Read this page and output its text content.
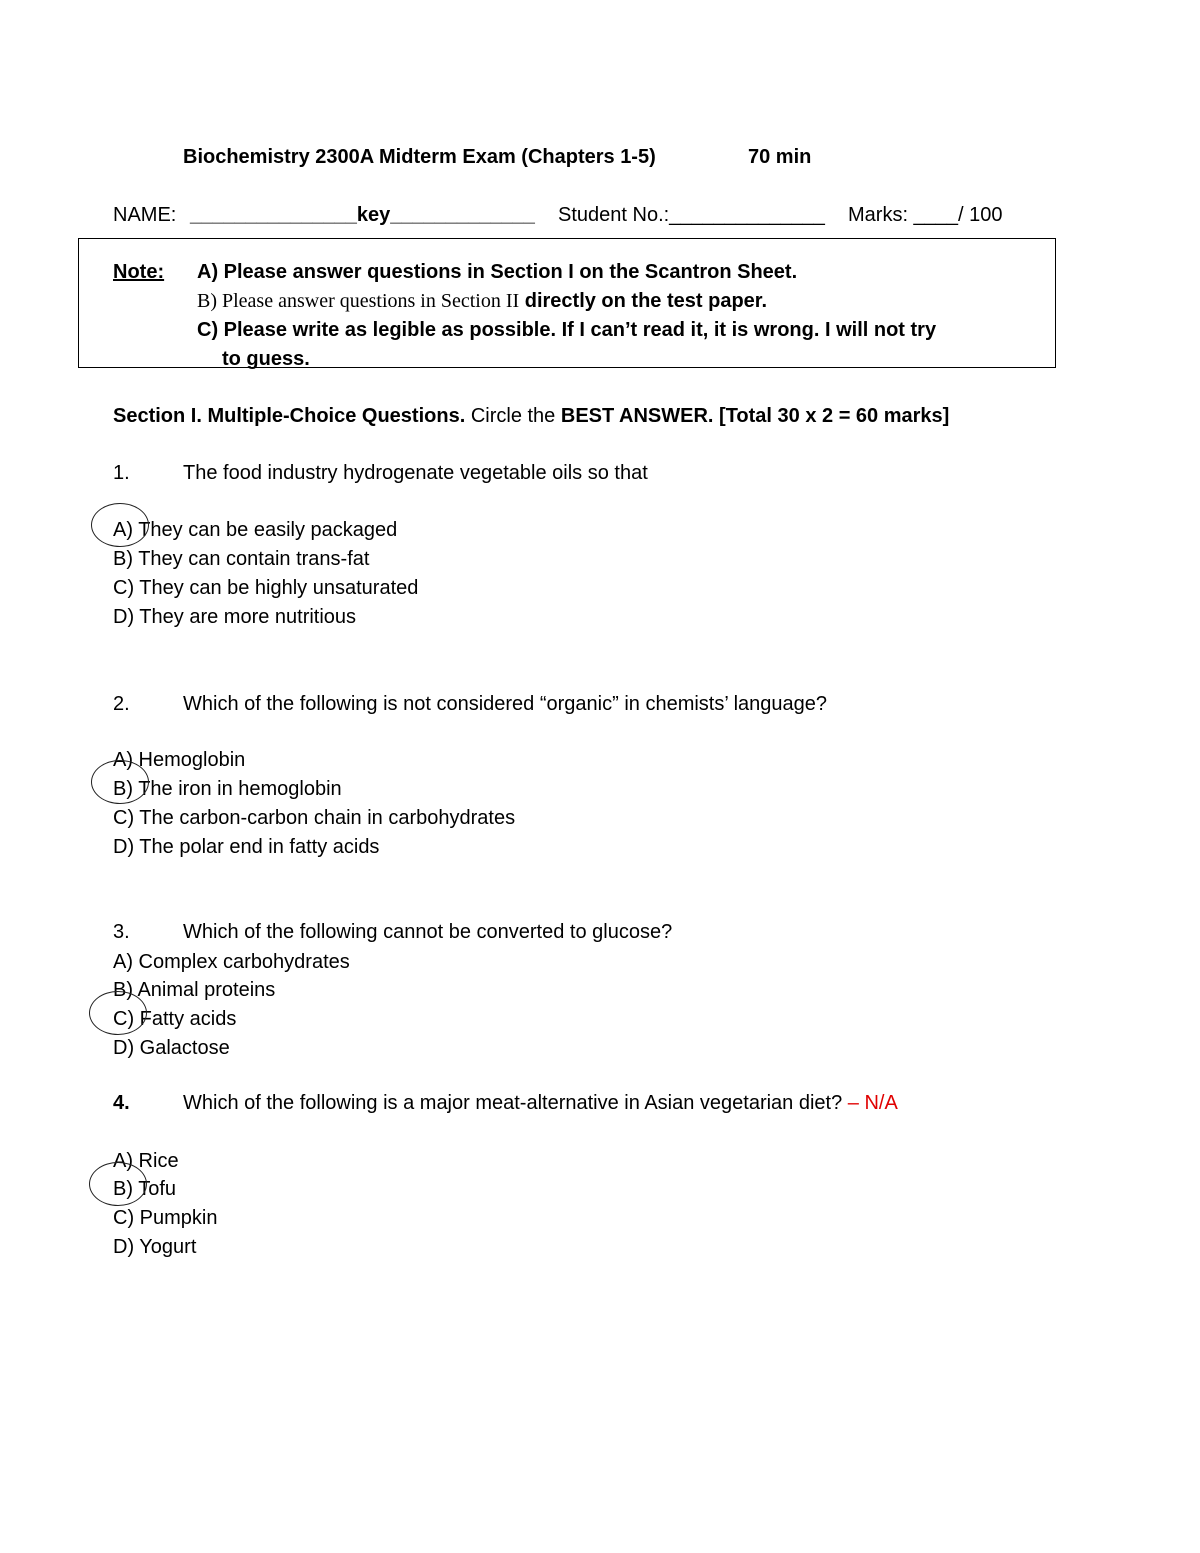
Biochemistry 2300A Midterm Exam (Chapters 1-5)	70 min
NAME: _______________key_____________ Student No.:______________ Marks: ____/ 100
Note: A) Please answer questions in Section I on the Scantron Sheet.
B) Please answer questions in Section II directly on the test paper.
C) Please write as legible as possible. If I can’t read it, it is wrong. I will not try
to guess.
Section I. Multiple-Choice Questions. Circle the BEST ANSWER. [Total 30 x 2 = 60 marks]
1.	The food industry hydrogenate vegetable oils so that
A) They can be easily packaged
B) They can contain trans-fat
C) They can be highly unsaturated
D) They are more nutritious
2.	Which of the following is not considered “organic” in chemists’ language?
A) Hemoglobin
B) The iron in hemoglobin
C) The carbon-carbon chain in carbohydrates
D) The polar end in fatty acids
3.	Which of the following cannot be converted to glucose?
A) Complex carbohydrates
B) Animal proteins
C) Fatty acids
D) Galactose
4.	Which of the following is a major meat-alternative in Asian vegetarian diet? – N/A
A) Rice
B) Tofu
C) Pumpkin
D) Yogurt
